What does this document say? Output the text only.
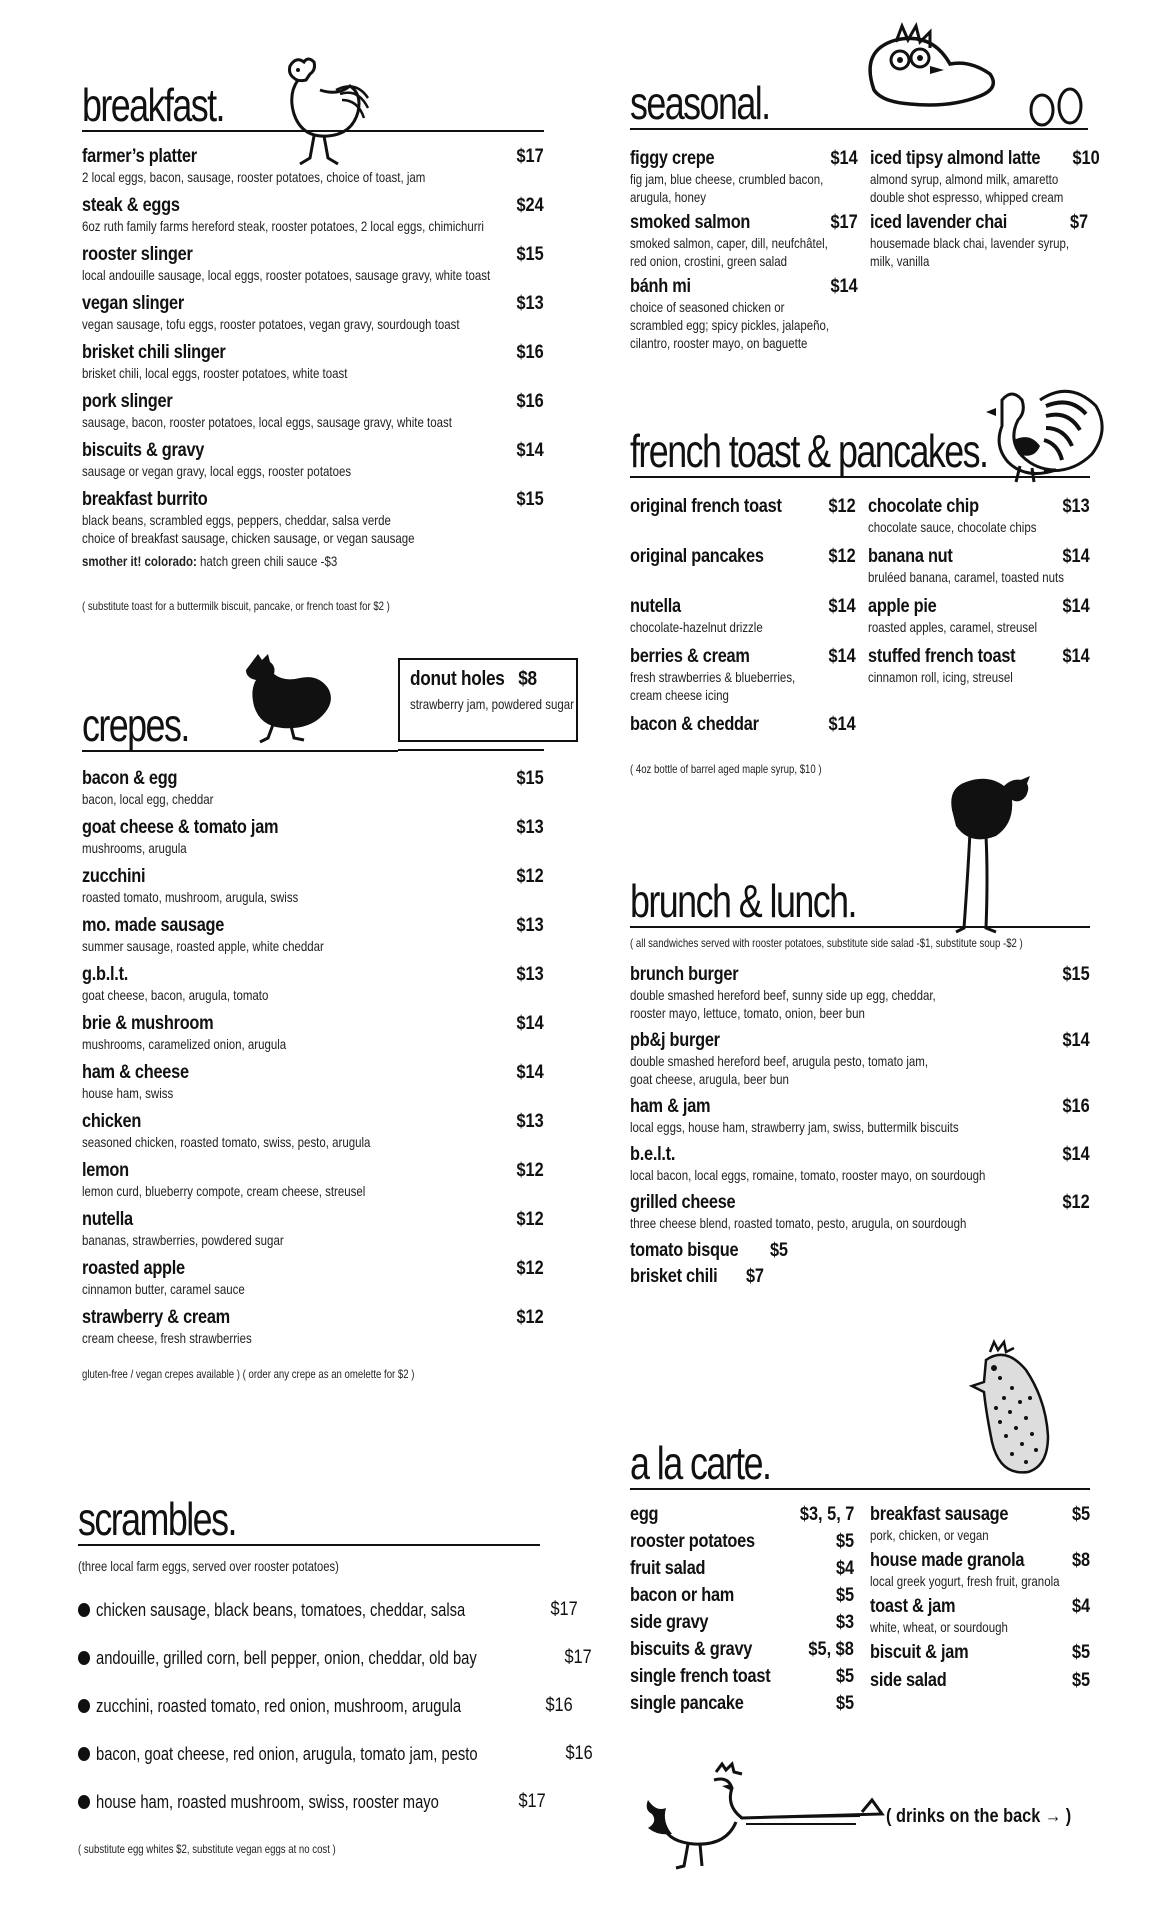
breakfast.
farmer’s platter	$17
2 local eggs, bacon, sausage, rooster potatoes, choice of toast, jam
steak & eggs	$24
6oz ruth family farms hereford steak, rooster potatoes, 2 local eggs, chimichurri
rooster slinger	$15
local andouille sausage, local eggs, rooster potatoes, sausage gravy, white toast
vegan slinger	$13
vegan sausage, tofu eggs, rooster potatoes, vegan gravy, sourdough toast
brisket chili slinger	$16
brisket chili, local eggs, rooster potatoes, white toast
pork slinger	$16
sausage, bacon, rooster potatoes, local eggs, sausage gravy, white toast
biscuits & gravy	$14
sausage or vegan gravy, local eggs, rooster potatoes
breakfast burrito	$15
black beans, scrambled eggs, peppers, cheddar, salsa verde
choice of breakfast sausage, chicken sausage, or vegan sausage
smother it! colorado: hatch green chili sauce -$3
( substitute toast for a buttermilk biscuit, pancake, or french toast for $2 )
donut holes $8
strawberry jam, powdered sugar
crepes.
bacon & egg	$15
bacon, local egg, cheddar
goat cheese & tomato jam	$13
mushrooms, arugula
zucchini	$12
roasted tomato, mushroom, arugula, swiss
mo. made sausage	$13
summer sausage, roasted apple, white cheddar
g.b.l.t.	$13
goat cheese, bacon, arugula, tomato
brie & mushroom	$14
mushrooms, caramelized onion, arugula
ham & cheese	$14
house ham, swiss
chicken	$13
seasoned chicken, roasted tomato, swiss, pesto, arugula
lemon	$12
lemon curd, blueberry compote, cream cheese, streusel
nutella	$12
bananas, strawberries, powdered sugar
roasted apple	$12
cinnamon butter, caramel sauce
strawberry & cream	$12
cream cheese, fresh strawberries
gluten-free / vegan crepes available ) ( order any crepe as an omelette for $2 )
scrambles.
(three local farm eggs, served over rooster potatoes)
chicken sausage, black beans, tomatoes, cheddar, salsa	$17
andouille, grilled corn, bell pepper, onion, cheddar, old bay	$17
zucchini, roasted tomato, red onion, mushroom, arugula	$16
bacon, goat cheese, red onion, arugula, tomato jam, pesto	$16
house ham, roasted mushroom, swiss, rooster mayo	$17
( substitute egg whites $2, substitute vegan eggs at no cost )
seasonal.
figgy crepe	$14
fig jam, blue cheese, crumbled bacon,
arugula, honey
smoked salmon	$17
smoked salmon, caper, dill, neufchâtel,
red onion, crostini, green salad
bánh mi	$14
choice of seasoned chicken or
scrambled egg; spicy pickles, jalapeño,
cilantro, rooster mayo, on baguette
iced tipsy almond latte $10
almond syrup, almond milk, amaretto
double shot espresso, whipped cream
iced lavender chai	$7
housemade black chai, lavender syrup,
milk, vanilla
french toast & pancakes.
original french toast $12
original pancakes	$12
nutella	$14
chocolate-hazelnut drizzle
berries & cream	$14
fresh strawberries & blueberries,
cream cheese icing
bacon & cheddar	$14
chocolate chip	$13
chocolate sauce, chocolate chips
banana nut	$14
bruléed banana, caramel, toasted nuts
apple pie	$14
roasted apples, caramel, streusel
stuffed french toast $14
cinnamon roll, icing, streusel
( 4oz bottle of barrel aged maple syrup, $10 )
brunch & lunch.
( all sandwiches served with rooster potatoes, substitute side salad -$1, substitute soup -$2 )
brunch burger	$15
double smashed hereford beef, sunny side up egg, cheddar,
rooster mayo, lettuce, tomato, onion, beer bun
pb&j burger	$14
double smashed hereford beef, arugula pesto, tomato jam,
goat cheese, arugula, beer bun
ham & jam	$16
local eggs, house ham, strawberry jam, swiss, buttermilk biscuits
b.e.l.t.	$14
local bacon, local eggs, romaine, tomato, rooster mayo, on sourdough
grilled cheese	$12
three cheese blend, roasted tomato, pesto, arugula, on sourdough
tomato bisque $5
brisket chili $7
a la carte.
egg	$3, 5, 7
rooster potatoes	$5
fruit salad	$4
bacon or ham	$5
side gravy	$3
biscuits & gravy	$5, $8
single french toast	$5
single pancake	$5
breakfast sausage	$5
pork, chicken, or vegan
house made granola	$8
local greek yogurt, fresh fruit, granola
toast & jam	$4
white, wheat, or sourdough
biscuit & jam	$5
side salad	$5
( drinks on the back → )
